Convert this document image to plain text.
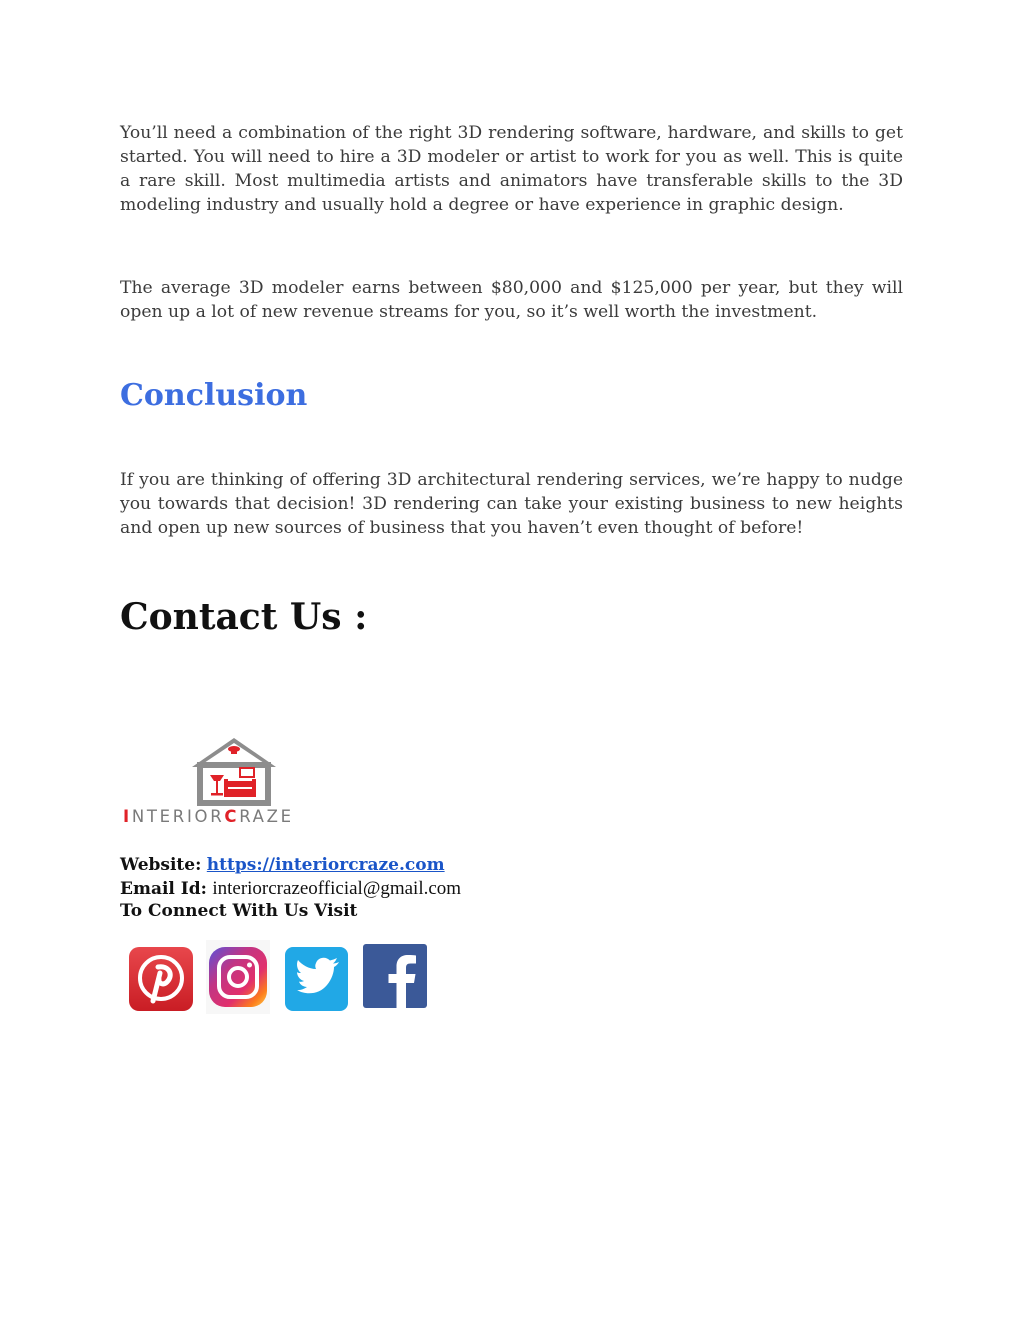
You’ll need a combination of the right 3D rendering software, hardware, and skills to get started. You will need to hire a 3D modeler or artist to work for you as well. This is quite a rare skill. Most multimedia artists and animators have transferable skills to the 3D modeling industry and usually hold a degree or have experience in graphic design.

The average 3D modeler earns between $80,000 and $125,000 per year, but they will open up a lot of new revenue streams for you, so it’s well worth the investment.

Conclusion

If you are thinking of offering 3D architectural rendering services, we’re happy to nudge you towards that decision! 3D rendering can take your existing business to new heights and open up new sources of business that you haven’t even thought of before!

Contact Us :
INTERIORCRAZE

Website: https://interiorcraze.com

Email Id: interiorcrazeofficial@gmail.com

To Connect With Us Visit
